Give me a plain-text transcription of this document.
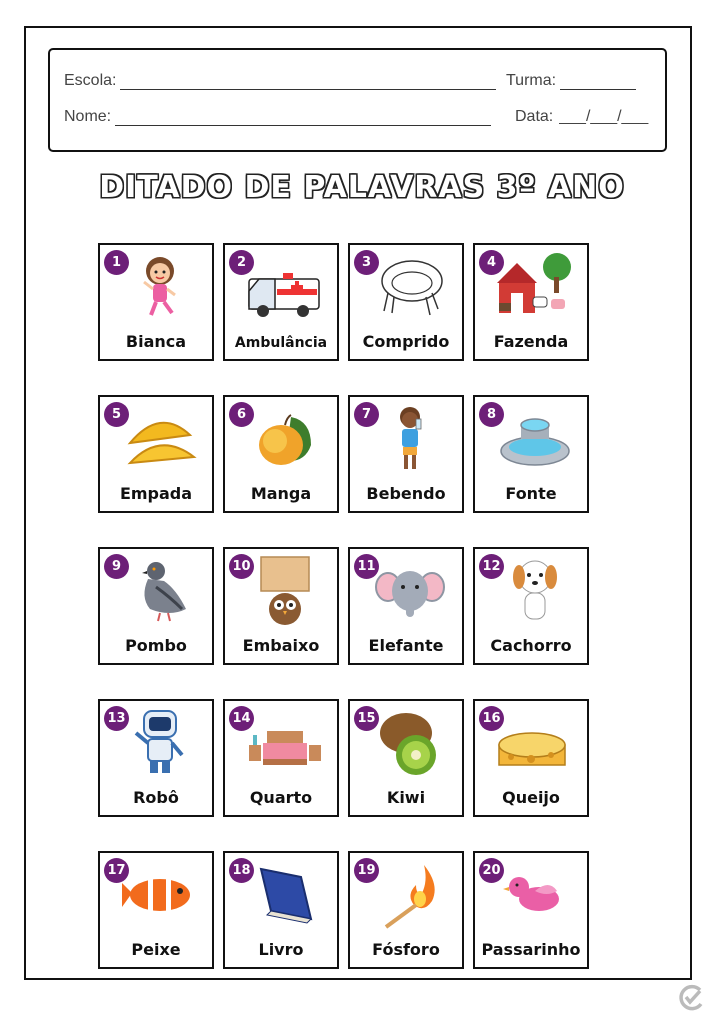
Escola:	Turma:
Nome:	Data: ___/___/___
DITADO DE PALAVRAS 3º ANO
1
Bianca
2
Ambulância
3
Comprido
4
Fazenda
5
Empada
6
Manga
7
Bebendo
8
Fonte
9
Pombo
10
Embaixo
11
Elefante
12
Cachorro
13
Robô
14
Quarto
15
Kiwi
16
Queijo
17
Peixe
18
Livro
19
Fósforo
20
Passarinho
